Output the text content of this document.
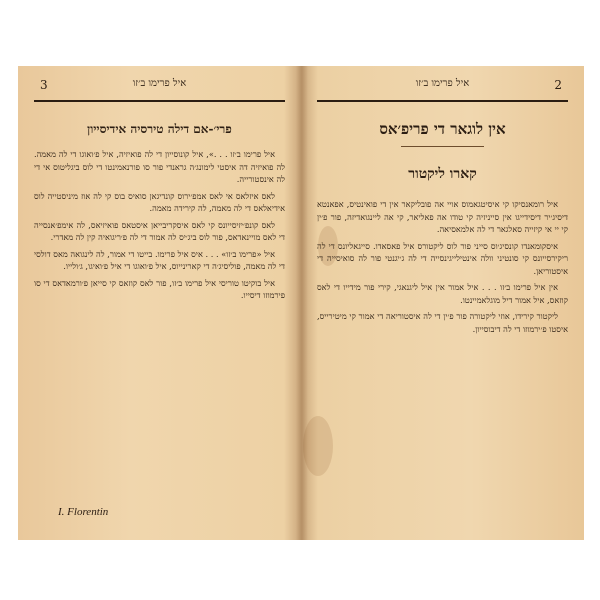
3	איל פרימו ב׳זו
פרי׳-אם דילה טירסיה אידיסייון

איל פרימו ב׳זו . . .», איל קונוסייון די לה פואיזיה, איל פ׳ואוגו די לה מאמה. לה פואיזיה דה איסטי לימונג׳ה גראנדי פור סו פורנאמינטו די לוס ביגליטוס אי די לה אינסטורייה.

לאס איזלאס אי לאס אמפ׳ירוס קונדיגאן סואיס בוס קי לה אוז מיניסטייה לוס אידיאלאס די לה מאמה, לה קירידה מאמה.

לאס קונפ׳יזיסייונס קי לאס איסקריבייאן איסטאס פואיזיאס, לה אימפ׳אנסייה די לאס מויינאדאס, פור לוס ביג׳יס לה אמור די לה פ׳ריגואיה קין לה מאדרי.

איל «פרימו ב׳זו» . . . איס איל פרימו. בייטו די אמור, לה לינגואה מאס דולסי די לה מאמה, פוליסיג׳ה די קארינייוס, איל פ׳ואוגו די איל פ׳ואיגו, ג׳ולייו.

איל בוקיטו טוריסי איל פרימו ב׳זו, פור לאס קוזאס קי סייאן פ׳ורמאדאס די סו פירמוזו דיסייו.

I. Florentin
2
איל פרימו ב׳זו
אין לוגאר די פריפ׳אס
קארו ליקטור

איל רומאנסיקו קי איסיטגאמוס אויי אה פובליקאר אין די פואינטיס, אפאנטא דיסיג׳יר דיסידייגו אין סייניזיה קי טודו אה פאליאר, קי אה ליינגואדיזה, פור פ׳ין קי יי אי קיזייה סאלגאר די לה אלמאסיאה.

איסקומאנדו קונסיג׳וס סייני פור לוס ליקטורס איל פאסאדו. סייגאליונס די לה ריקירסייונס קי סונטיני וולה אינטילייגינסייה די לה ג׳יגנטי פור לה סואיסייה די איסטוריאן.

אין איל פרימו ב׳זו . . . איל אמור אין איל ליגנאגי, קירי פור מידייו די לאס קוזאס, איל אמור דיל מוגלאמיינטו.

ליקטור קירידו, אוזי ליקטורה פור פ׳ין די לה איסטוריאה די אמור קי מיטירייס, איסטו פ׳ירמוזו די לה דיבוסייון.
